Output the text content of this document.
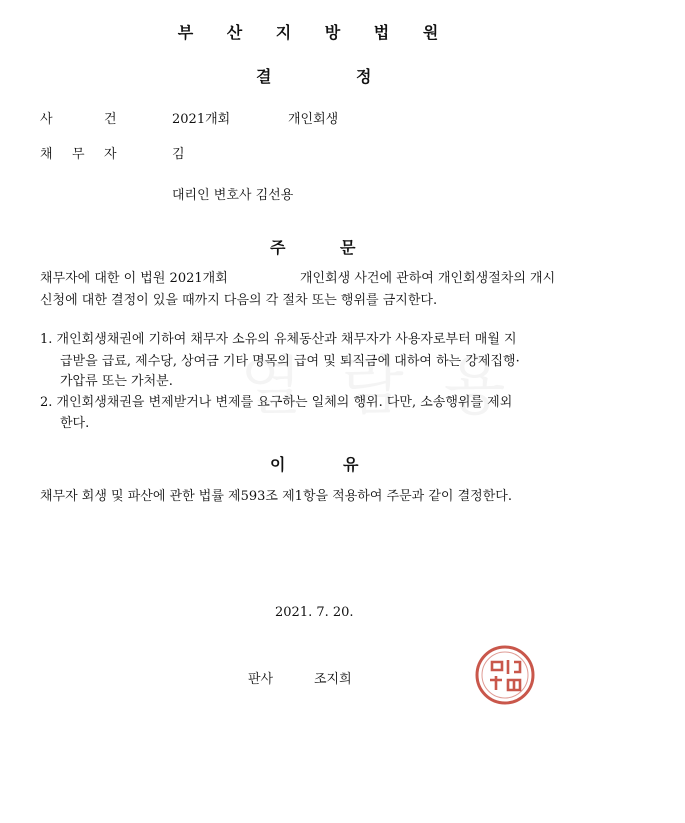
부 산 지 방 법 원
결	정
사	건	2021개회	개인회생
채 무 자	김
대리인 변호사 김선용
주	문
채무자에 대한 이 법원 2021개회	개인회생 사건에 관하여 개인회생절차의 개시
신청에 대한 결정이 있을 때까지 다음의 각 절차 또는 행위를 금지한다.
1. 개인회생채권에 기하여 채무자 소유의 유체동산과 채무자가 사용자로부터 매월 지
급받을 급료, 제수당, 상여금 기타 명목의 급여 및 퇴직금에 대하여 하는 강제집행·
가압류 또는 가처분.
2. 개인회생채권을 변제받거나 변제를 요구하는 일체의 행위. 다만, 소송행위를 제외
한다.
이	유
채무자 회생 및 파산에 관한 법률 제593조 제1항을 적용하여 주문과 같이 결정한다.
2021. 7. 20.
판사	조지희
